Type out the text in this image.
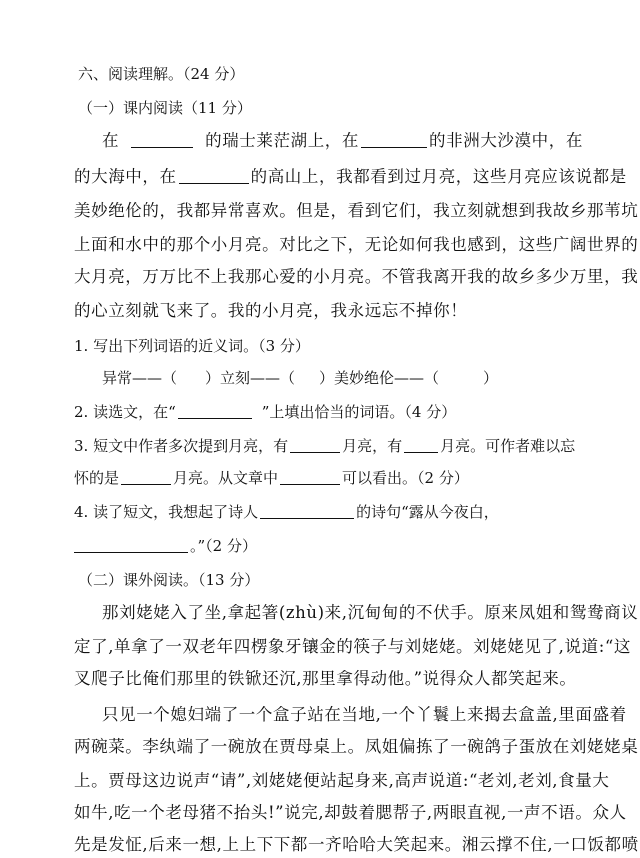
六、阅读理解。（24 分）
（一）课内阅读（11 分）
在	的瑞士莱茫湖上，在	的非洲大沙漠中，在
的大海中，在	的高山上，我都看到过月亮，这些月亮应该说都是
美妙绝伦的，我都异常喜欢。但是，看到它们，我立刻就想到我故乡那苇坑
上面和水中的那个小月亮。对比之下，无论如何我也感到，这些广阔世界的
大月亮，万万比不上我那心爱的小月亮。不管我离开我的故乡多少万里，我
的心立刻就飞来了。我的小月亮，我永远忘不掉你！
1. 写出下列词语的近义词。（3 分）
异常——（ ）立刻——（ ）美妙绝伦——（	）
2. 读选文，在“	”上填出恰当的词语。（4 分）
3. 短文中作者多次提到月亮，有	月亮，有	月亮。可作者难以忘
怀的是	月亮。从文章中	可以看出。（2 分）
4. 读了短文，我想起了诗人	的诗句“露从今夜白，
。”（2 分）
（二）课外阅读。（13 分）
那刘姥姥入了坐,拿起箸(zhù)来,沉甸甸的不伏手。原来凤姐和鸳鸯商议
定了,单拿了一双老年四楞象牙镶金的筷子与刘姥姥。刘姥姥见了,说道:“这
叉爬子比俺们那里的铁锨还沉,那里拿得动他。”说得众人都笑起来。
只见一个媳妇端了一个盒子站在当地,一个丫鬟上来揭去盒盖,里面盛着
两碗菜。李纨端了一碗放在贾母桌上。凤姐偏拣了一碗鸽子蛋放在刘姥姥桌
上。贾母这边说声“请”,刘姥姥便站起身来,高声说道:“老刘,老刘,食量大
如牛,吃一个老母猪不抬头!”说完,却鼓着腮帮子,两眼直视,一声不语。众人
先是发怔,后来一想,上上下下都一齐哈哈大笑起来。湘云撑不住,一口饭都喷
